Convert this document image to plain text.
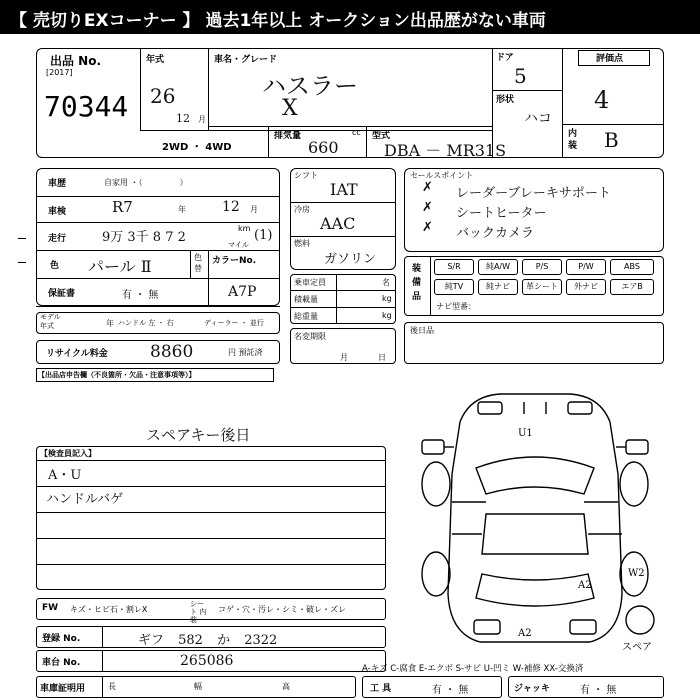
【 売切りEXコーナー 】 過去1年以上 オークション出品歴がない車両
出品 No.
[2017]
70344
年式
26
12 月
車名・グレード
ハスラー
X
ドア
5
形状
ハコ
評価点
4
内装 B
2WD ・ 4WD
排気量	cc
660
型式
DBA － MR31S
車歴	自家用 ・（ 　　　　 ）
車検	R7	年	12 月
走行	9万 3千 8 7 2
km
マイル
(1)
色 パール Ⅱ	色替
カラーNo.
A7P
保証書	有 ・ 無
モデル年式	年 ハンドル 左 ・ 右	ディーラー ・ 並行
リサイクル料金 8860	円 預託済
シフト
IAT
冷房
AAC
燃料
ガソリン
乗車定員	名
積載量	kg
総重量	kg
名変期限
月日
セールスポイント
✗ レーダーブレーキサポート
✗ シートヒーター
✗ バックカメラ
装備品
S/R	純A/W	P/S	P/W	ABS
純TV	純ナビ	革シート	外ナビ	エアB
ナビ型番：
後日品
【出品店申告欄（不良箇所・欠品・注意事項等）】
スペアキー後日
【検査員記入】
A・U
ハンドルバゲ
FW キズ・ヒビ石・割レX
シート 内装
コゲ・穴・汚レ・シミ・破レ・ズレ
登録 No.	ギフ 582 か 2322
車台 No.	265086
車庫証明用	長	幅	高
A-キズ C-腐食 E-エクボ S-サビ U-凹ミ W-補修 XX-交換済
工 具	有 ・ 無	ジャッキ	有 ・ 無
U1
A2
W2
A2
スペア
